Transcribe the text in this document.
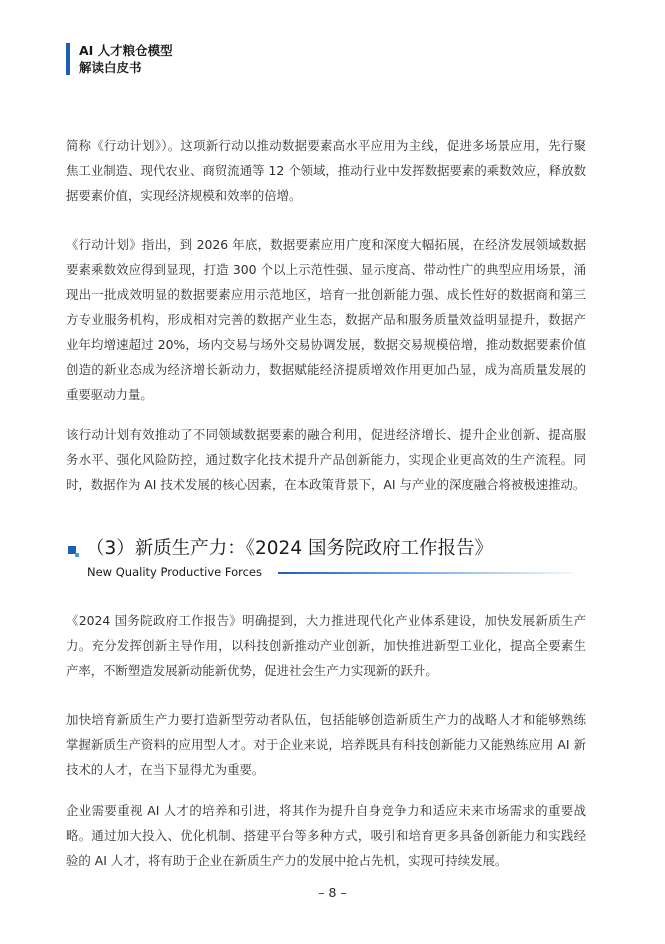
AI 人才粮仓模型
解读白皮书

简称《行动计划》）。这项新行动以推动数据要素高水平应用为主线，促进多场景应用，先行聚焦工业制造、现代农业、商贸流通等 12 个领域，推动行业中发挥数据要素的乘数效应，释放数据要素价值，实现经济规模和效率的倍增。

《行动计划》指出，到 2026 年底，数据要素应用广度和深度大幅拓展，在经济发展领域数据要素乘数效应得到显现，打造 300 个以上示范性强、显示度高、带动性广的典型应用场景，涌现出一批成效明显的数据要素应用示范地区，培育一批创新能力强、成长性好的数据商和第三方专业服务机构，形成相对完善的数据产业生态，数据产品和服务质量效益明显提升，数据产业年均增速超过 20%，场内交易与场外交易协调发展，数据交易规模倍增，推动数据要素价值创造的新业态成为经济增长新动力，数据赋能经济提质增效作用更加凸显，成为高质量发展的重要驱动力量。

该行动计划有效推动了不同领域数据要素的融合利用，促进经济增长、提升企业创新、提高服务水平、强化风险防控，通过数字化技术提升产品创新能力，实现企业更高效的生产流程。同时，数据作为 AI 技术发展的核心因素，在本政策背景下，AI 与产业的深度融合将被极速推动。

（3）新质生产力：《2024 国务院政府工作报告》
New Quality Productive Forces

《2024 国务院政府工作报告》明确提到，大力推进现代化产业体系建设，加快发展新质生产力。充分发挥创新主导作用，以科技创新推动产业创新，加快推进新型工业化，提高全要素生产率，不断塑造发展新动能新优势，促进社会生产力实现新的跃升。

加快培育新质生产力要打造新型劳动者队伍，包括能够创造新质生产力的战略人才和能够熟练掌握新质生产资料的应用型人才。对于企业来说，培养既具有科技创新能力又能熟练应用 AI 新技术的人才，在当下显得尤为重要。

企业需要重视 AI 人才的培养和引进，将其作为提升自身竞争力和适应未来市场需求的重要战略。通过加大投入、优化机制、搭建平台等多种方式，吸引和培育更多具备创新能力和实践经验的 AI 人才，将有助于企业在新质生产力的发展中抢占先机，实现可持续发展。

– 8 –
